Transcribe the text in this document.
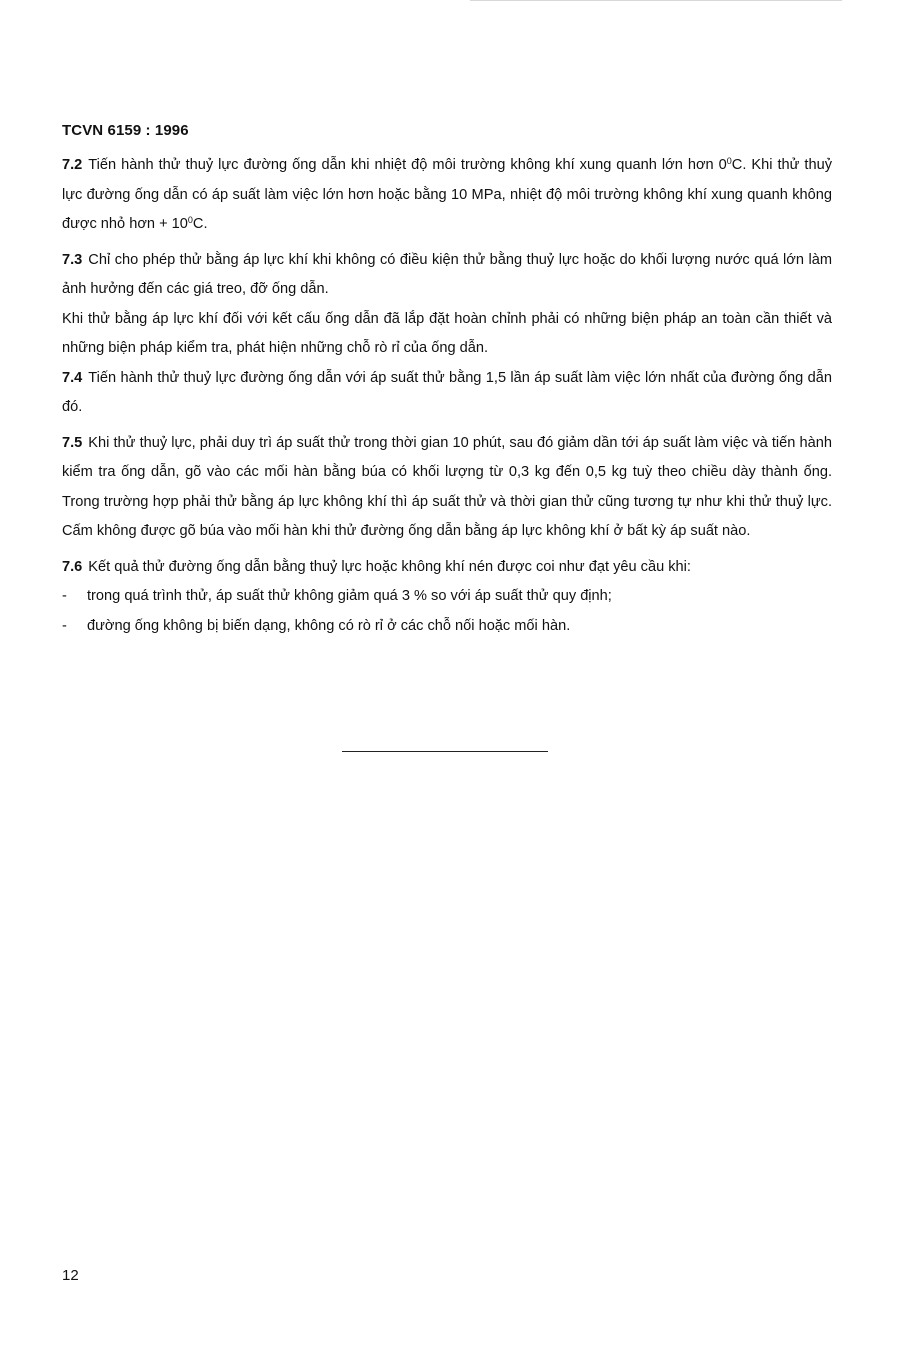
TCVN 6159 : 1996

7.2 Tiến hành thử thuỷ lực đường ống dẫn khi nhiệt độ môi trường không khí xung quanh lớn hơn $0^0C$. Khi thử thuỷ lực đường ống dẫn có áp suất làm việc lớn hơn hoặc bằng 10 MPa, nhiệt độ môi trường không khí xung quanh không được nhỏ hơn + $10^0C$.

7.3 Chỉ cho phép thử bằng áp lực khí khi không có điều kiện thử bằng thuỷ lực hoặc do khối lượng nước quá lớn làm ảnh hưởng đến các giá treo, đỡ ống dẫn.

Khi thử bằng áp lực khí đối với kết cấu ống dẫn đã lắp đặt hoàn chỉnh phải có những biện pháp an toàn cần thiết và những biện pháp kiểm tra, phát hiện những chỗ rò rỉ của ống dẫn.

7.4 Tiến hành thử thuỷ lực đường ống dẫn với áp suất thử bằng 1,5 lần áp suất làm việc lớn nhất của đường ống dẫn đó.

7.5 Khi thử thuỷ lực, phải duy trì áp suất thử trong thời gian 10 phút, sau đó giảm dần tới áp suất làm việc và tiến hành kiểm tra ống dẫn, gõ vào các mối hàn bằng búa có khối lượng từ 0,3 kg đến 0,5 kg tuỳ theo chiều dày thành ống. Trong trường hợp phải thử bằng áp lực không khí thì áp suất thử và thời gian thử cũng tương tự như khi thử thuỷ lực. Cấm không được gõ búa vào mối hàn khi thử đường ống dẫn bằng áp lực không khí ở bất kỳ áp suất nào.

7.6 Kết quả thử đường ống dẫn bằng thuỷ lực hoặc không khí nén được coi như đạt yêu cầu khi:

- trong quá trình thử, áp suất thử không giảm quá 3 % so với áp suất thử quy định;

- đường ống không bị biến dạng, không có rò rỉ ở các chỗ nối hoặc mối hàn.

12
